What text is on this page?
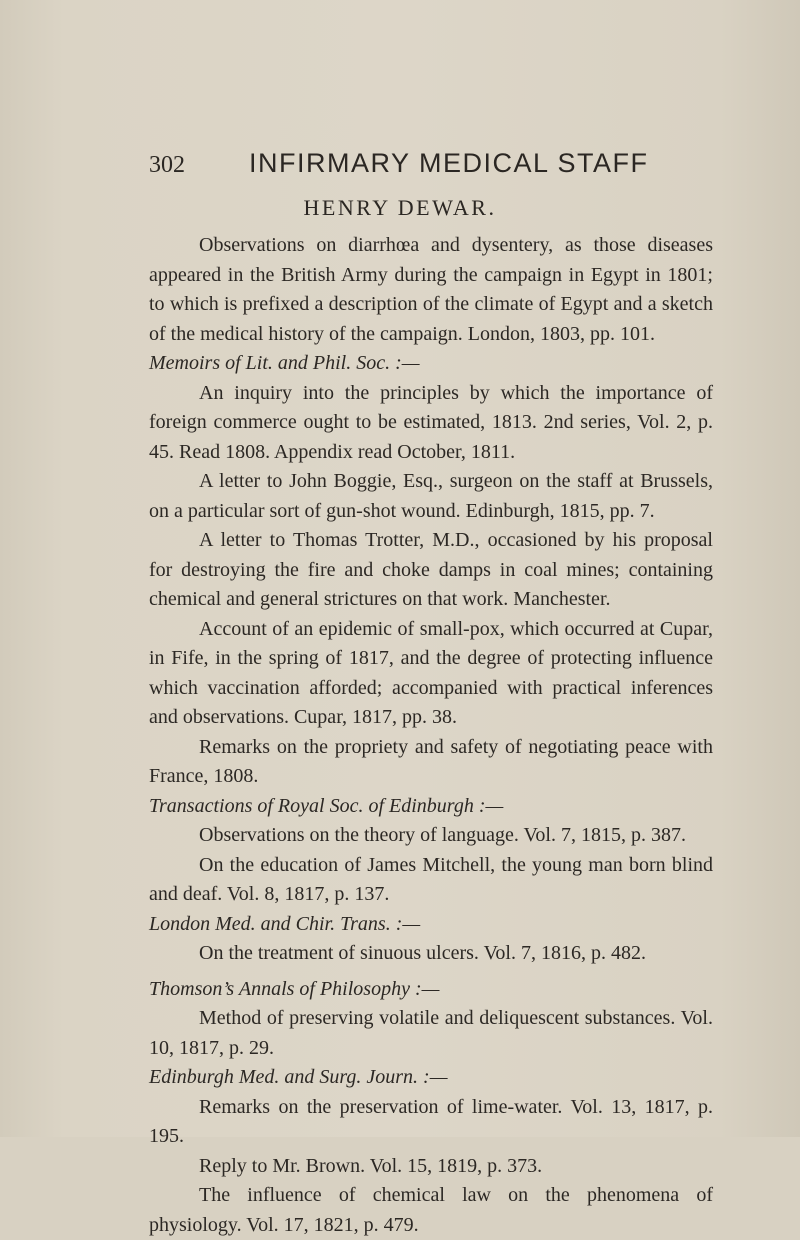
302 INFIRMARY MEDICAL STAFF
HENRY DEWAR.

Observations on diarrhœa and dysentery, as those diseases appeared in the British Army during the campaign in Egypt in 1801; to which is prefixed a description of the climate of Egypt and a sketch of the medical history of the campaign. London, 1803, pp. 101.

Memoirs of Lit. and Phil. Soc. :—

An inquiry into the principles by which the importance of foreign commerce ought to be estimated, 1813. 2nd series, Vol. 2, p. 45. Read 1808. Appendix read October, 1811.

A letter to John Boggie, Esq., surgeon on the staff at Brussels, on a particular sort of gun-shot wound. Edinburgh, 1815, pp. 7.

A letter to Thomas Trotter, M.D., occasioned by his proposal for destroying the fire and choke damps in coal mines; containing chemical and general strictures on that work. Manchester.

Account of an epidemic of small-pox, which occurred at Cupar, in Fife, in the spring of 1817, and the degree of protecting influence which vaccination afforded; accompanied with practical inferences and observations. Cupar, 1817, pp. 38.

Remarks on the propriety and safety of negotiating peace with France, 1808.

Transactions of Royal Soc. of Edinburgh :—

Observations on the theory of language. Vol. 7, 1815, p. 387.

On the education of James Mitchell, the young man born blind and deaf. Vol. 8, 1817, p. 137.

London Med. and Chir. Trans. :—

On the treatment of sinuous ulcers. Vol. 7, 1816, p. 482.

Thomson’s Annals of Philosophy :—

Method of preserving volatile and deliquescent substances. Vol. 10, 1817, p. 29.

Edinburgh Med. and Surg. Journ. :—

Remarks on the preservation of lime-water. Vol. 13, 1817, p. 195.

Reply to Mr. Brown. Vol. 15, 1819, p. 373.

The influence of chemical law on the phenomena of physiology. Vol. 17, 1821, p. 479.
